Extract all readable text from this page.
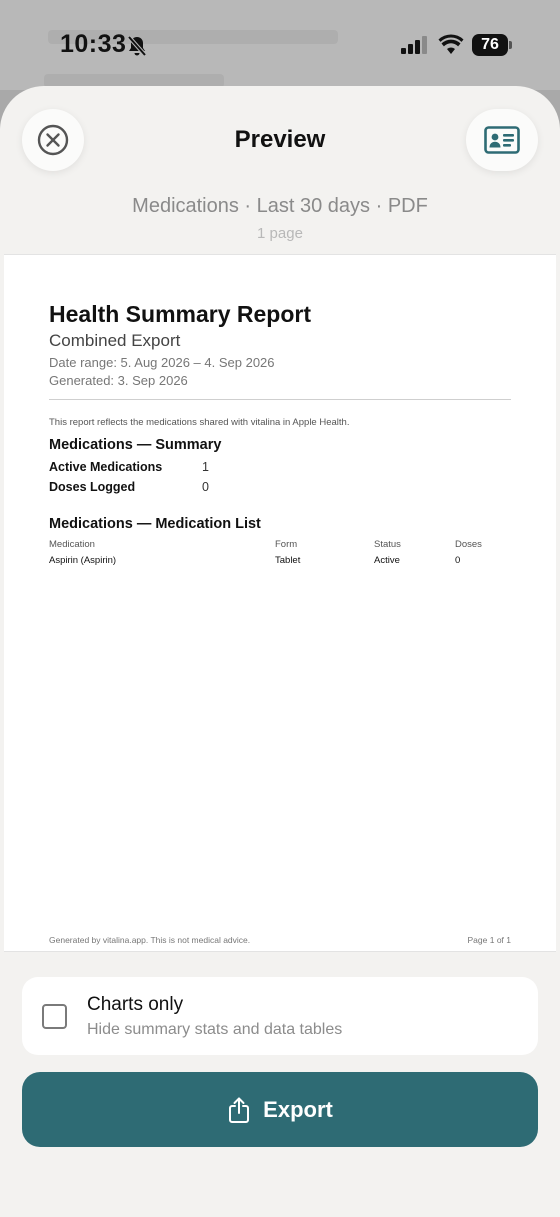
10:33	76
Preview
Medications · Last 30 days · PDF
1 page
Health Summary Report
Combined Export
Date range: 5. Aug 2026 – 4. Sep 2026
Generated: 3. Sep 2026
This report reflects the medications shared with vitalina in Apple Health.
Medications — Summary
Active Medications	1
Doses Logged	0
Medications — Medication List
Medication	Form	Status	Doses
Aspirin (Aspirin)	Tablet	Active	0
Generated by vitalina.app. This is not medical advice.	Page 1 of 1
Charts only
Hide summary stats and data tables
Export
